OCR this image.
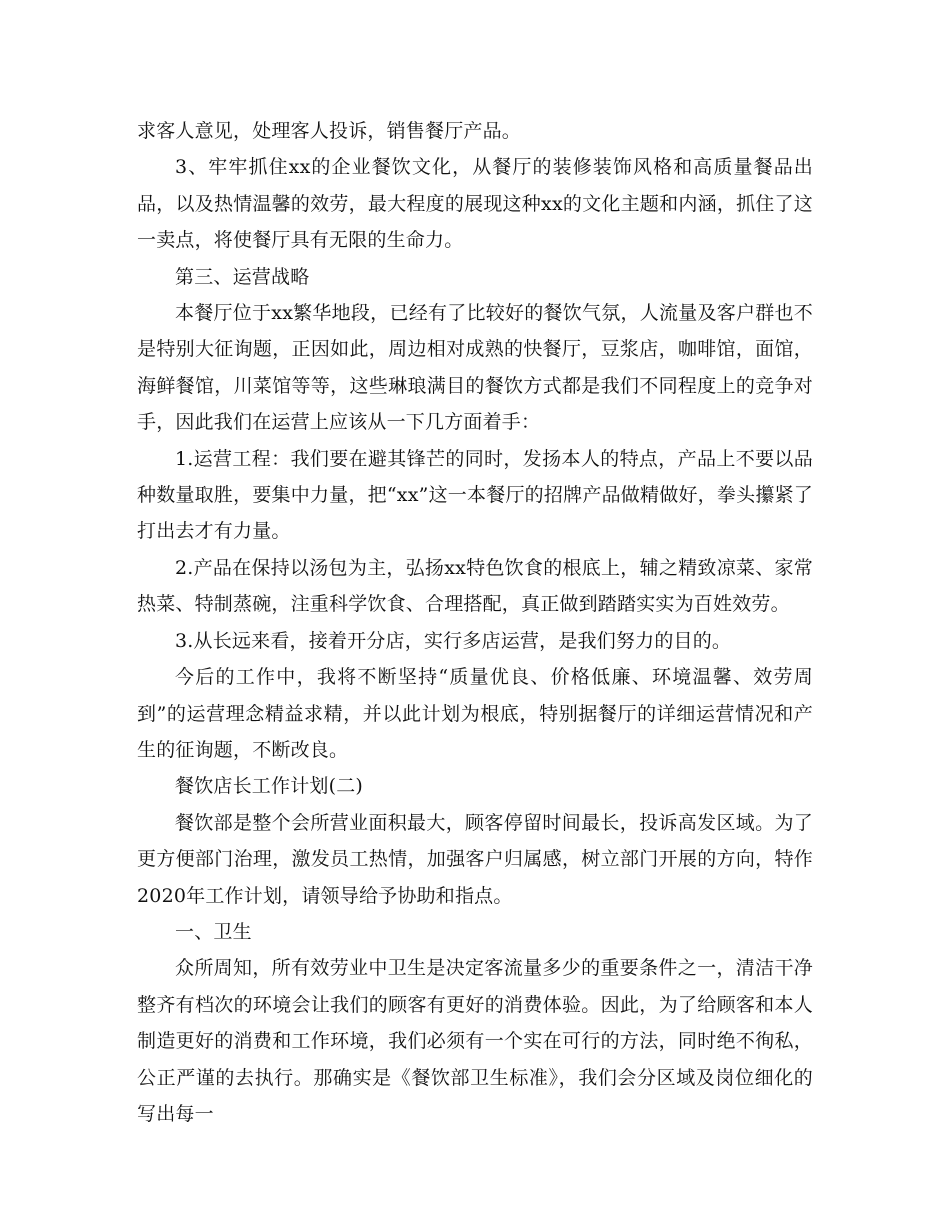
求客人意见，处理客人投诉，销售餐厅产品。

3、牢牢抓住xx的企业餐饮文化，从餐厅的装修装饰风格和高质量餐品出品，以及热情温馨的效劳，最大程度的展现这种xx的文化主题和内涵，抓住了这一卖点，将使餐厅具有无限的生命力。

第三、运营战略

本餐厅位于xx繁华地段，已经有了比较好的餐饮气氛，人流量及客户群也不是特别大征询题，正因如此，周边相对成熟的快餐厅，豆浆店，咖啡馆，面馆，海鲜餐馆，川菜馆等等，这些琳琅满目的餐饮方式都是我们不同程度上的竞争对手，因此我们在运营上应该从一下几方面着手：

1.运营工程：我们要在避其锋芒的同时，发扬本人的特点，产品上不要以品种数量取胜，要集中力量，把“xx”这一本餐厅的招牌产品做精做好，拳头攥紧了打出去才有力量。

2.产品在保持以汤包为主，弘扬xx特色饮食的根底上，辅之精致凉菜、家常热菜、特制蒸碗，注重科学饮食、合理搭配，真正做到踏踏实实为百姓效劳。

3.从长远来看，接着开分店，实行多店运营，是我们努力的目的。

今后的工作中，我将不断坚持“质量优良、价格低廉、环境温馨、效劳周到”的运营理念精益求精，并以此计划为根底，特别据餐厅的详细运营情况和产生的征询题，不断改良。

餐饮店长工作计划(二)

餐饮部是整个会所营业面积最大，顾客停留时间最长，投诉高发区域。为了更方便部门治理，激发员工热情，加强客户归属感，树立部门开展的方向，特作2020年工作计划，请领导给予协助和指点。

一、卫生

众所周知，所有效劳业中卫生是决定客流量多少的重要条件之一，清洁干净整齐有档次的环境会让我们的顾客有更好的消费体验。因此，为了给顾客和本人制造更好的消费和工作环境，我们必须有一个实在可行的方法，同时绝不徇私，公正严谨的去执行。那确实是《餐饮部卫生标准》，我们会分区域及岗位细化的写出每一
